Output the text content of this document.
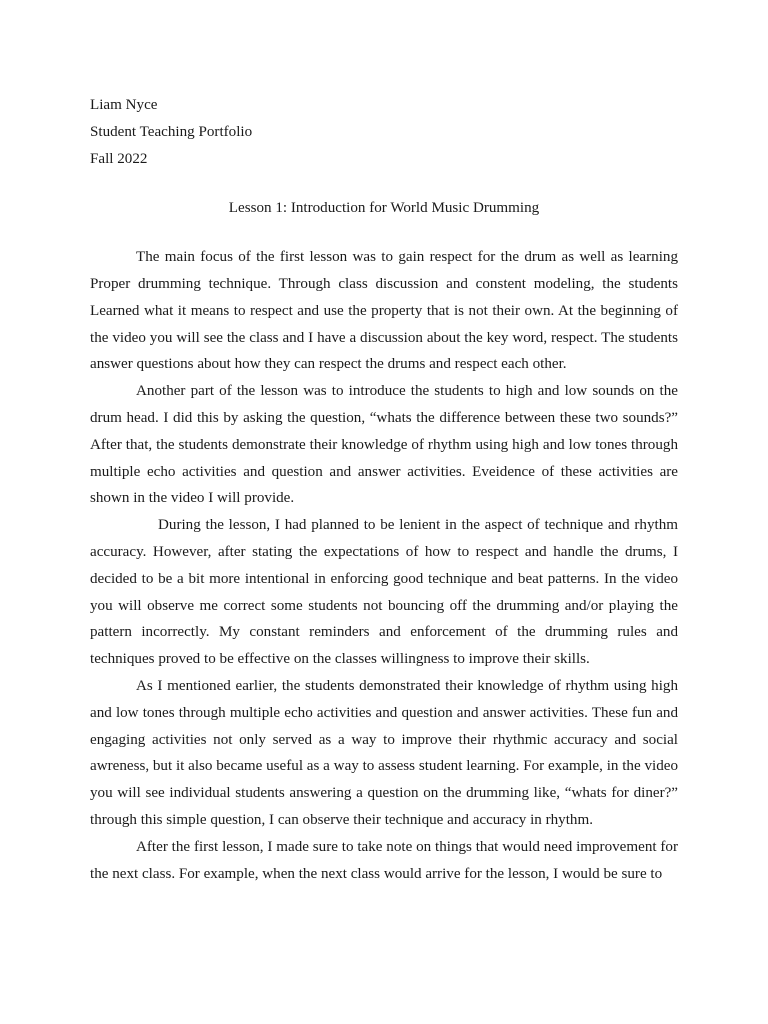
Liam Nyce

Student Teaching Portfolio

Fall 2022

Lesson 1: Introduction for World Music Drumming

The main focus of the first lesson was to gain respect for the drum as well as learning Proper drumming technique. Through class discussion and constent modeling, the students Learned what it means to respect and use the property that is not their own. At the beginning of the video you will see the class and I have a discussion about the key word, respect. The students answer questions about how they can respect the drums and respect each other.

Another part of the lesson was to introduce the students to high and low sounds on the drum head. I did this by asking the question, “whats the difference between these two sounds?” After that, the students demonstrate their knowledge of rhythm using high and low tones through multiple echo activities and question and answer activities. Eveidence of these activities are shown in the video I will provide.

During the lesson, I had planned to be lenient in the aspect of technique and rhythm accuracy. However, after stating the expectations of how to respect and handle the drums, I decided to be a bit more intentional in enforcing good technique and beat patterns. In the video you will observe me correct some students not bouncing off the drumming and/or playing the pattern incorrectly. My constant reminders and enforcement of the drumming rules and techniques proved to be effective on the classes willingness to improve their skills.

As I mentioned earlier, the students demonstrated their knowledge of rhythm using high and low tones through multiple echo activities and question and answer activities. These fun and engaging activities not only served as a way to improve their rhythmic accuracy and social awreness, but it also became useful as a way to assess student learning. For example, in the video you will see individual students answering a question on the drumming like, “whats for diner?” through this simple question, I can observe their technique and accuracy in rhythm.

After the first lesson, I made sure to take note on things that would need improvement for the next class. For example, when the next class would arrive for the lesson, I would be sure to
